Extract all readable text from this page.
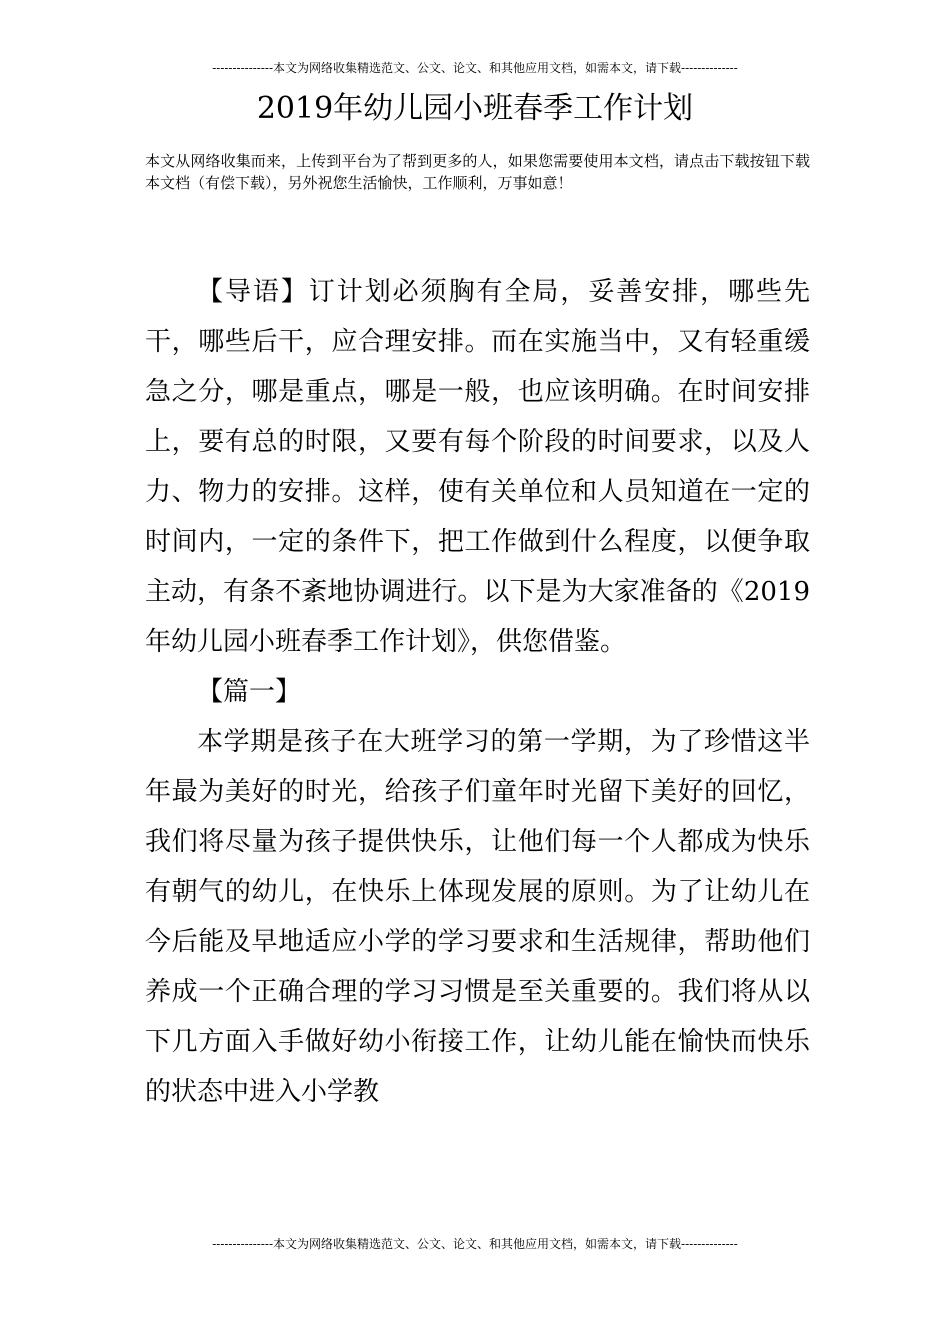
---------------本文为网络收集精选范文、公文、论文、和其他应用文档，如需本文，请下载--------------
2019年幼儿园小班春季工作计划
本文从网络收集而来，上传到平台为了帮到更多的人，如果您需要使用本文档，请点击下载按钮下载本文档（有偿下载），另外祝您生活愉快，工作顺利，万事如意！

【导语】订计划必须胸有全局，妥善安排，哪些先干，哪些后干，应合理安排。而在实施当中，又有轻重缓急之分，哪是重点，哪是一般，也应该明确。在时间安排上，要有总的时限，又要有每个阶段的时间要求，以及人力、物力的安排。这样，使有关单位和人员知道在一定的时间内，一定的条件下，把工作做到什么程度，以便争取主动，有条不紊地协调进行。以下是为大家准备的《2019年幼儿园小班春季工作计划》，供您借鉴。

【篇一】

本学期是孩子在大班学习的第一学期，为了珍惜这半年最为美好的时光，给孩子们童年时光留下美好的回忆，我们将尽量为孩子提供快乐，让他们每一个人都成为快乐有朝气的幼儿，在快乐上体现发展的原则。为了让幼儿在今后能及早地适应小学的学习要求和生活规律，帮助他们养成一个正确合理的学习习惯是至关重要的。我们将从以下几方面入手做好幼小衔接工作，让幼儿能在愉快而快乐的状态中进入小学教

---------------本文为网络收集精选范文、公文、论文、和其他应用文档，如需本文，请下载--------------
